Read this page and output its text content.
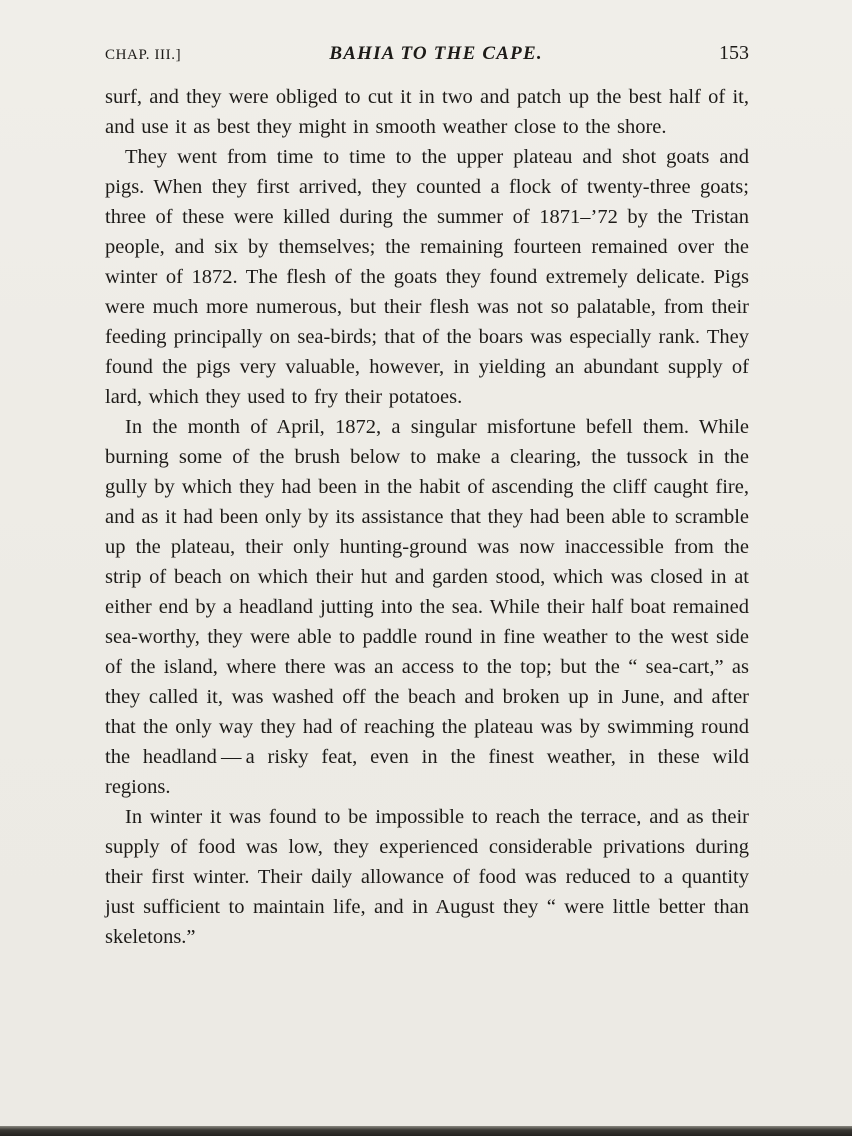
CHAP. III.]	BAHIA TO THE CAPE.	153

surf, and they were obliged to cut it in two and patch up the best half of it, and use it as best they might in smooth weather close to the shore.

They went from time to time to the upper plateau and shot goats and pigs. When they first arrived, they counted a flock of twenty-three goats; three of these were killed during the summer of 1871–’72 by the Tristan people, and six by themselves; the remaining fourteen remained over the winter of 1872. The flesh of the goats they found extremely delicate. Pigs were much more numerous, but their flesh was not so palatable, from their feeding principally on sea-birds; that of the boars was especially rank. They found the pigs very valuable, however, in yielding an abundant supply of lard, which they used to fry their potatoes.

In the month of April, 1872, a singular misfortune befell them. While burning some of the brush below to make a clearing, the tussock in the gully by which they had been in the habit of ascending the cliff caught fire, and as it had been only by its assistance that they had been able to scramble up the plateau, their only hunting-ground was now inaccessible from the strip of beach on which their hut and garden stood, which was closed in at either end by a headland jutting into the sea. While their half boat remained sea-worthy, they were able to paddle round in fine weather to the west side of the island, where there was an access to the top; but the “ sea-cart,” as they called it, was washed off the beach and broken up in June, and after that the only way they had of reaching the plateau was by swimming round the headland — a risky feat, even in the finest weather, in these wild regions.

In winter it was found to be impossible to reach the terrace, and as their supply of food was low, they experienced considerable privations during their first winter. Their daily allowance of food was reduced to a quantity just sufficient to maintain life, and in August they “ were little better than skeletons.”
